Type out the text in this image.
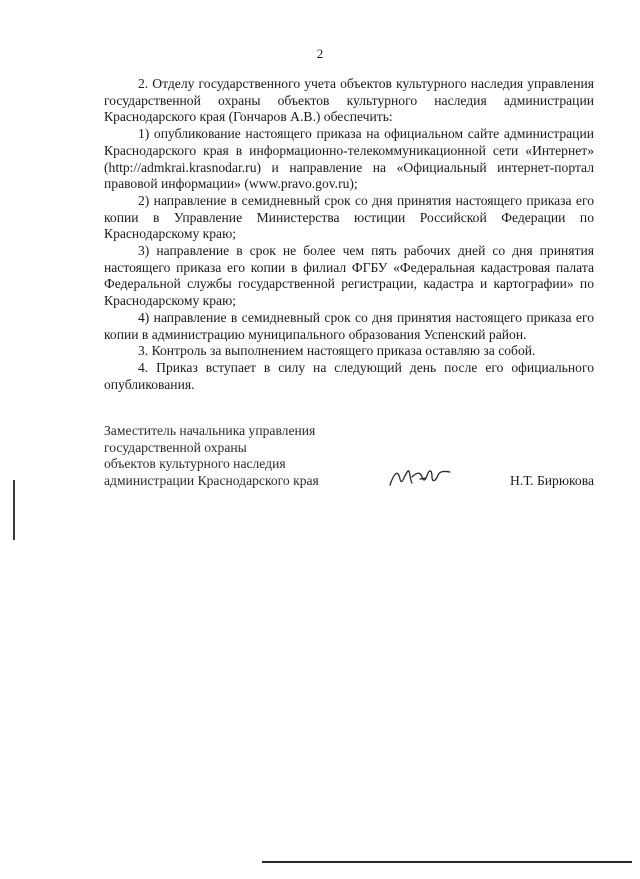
2

2. Отделу государственного учета объектов культурного наследия управления государственной охраны объектов культурного наследия администрации Краснодарского края (Гончаров А.В.) обеспечить:

1) опубликование настоящего приказа на официальном сайте администрации Краснодарского края в информационно-телекоммуникационной сети «Интернет» (http://admkrai.krasnodar.ru) и направление на «Официальный интернет-портал правовой информации» (www.pravo.gov.ru);

2) направление в семидневный срок со дня принятия настоящего приказа его копии в Управление Министерства юстиции Российской Федерации по Краснодарскому краю;

3) направление в срок не более чем пять рабочих дней со дня принятия настоящего приказа его копии в филиал ФГБУ «Федеральная кадастровая палата Федеральной службы государственной регистрации, кадастра и картографии» по Краснодарскому краю;

4) направление в семидневный срок со дня принятия настоящего приказа его копии в администрацию муниципального образования Успенский район.

3. Контроль за выполнением настоящего приказа оставляю за собой.

4. Приказ вступает в силу на следующий день после его официального опубликования.

Заместитель начальника управления
государственной охраны
объектов культурного наследия
администрации Краснодарского края	Н.Т. Бирюкова
